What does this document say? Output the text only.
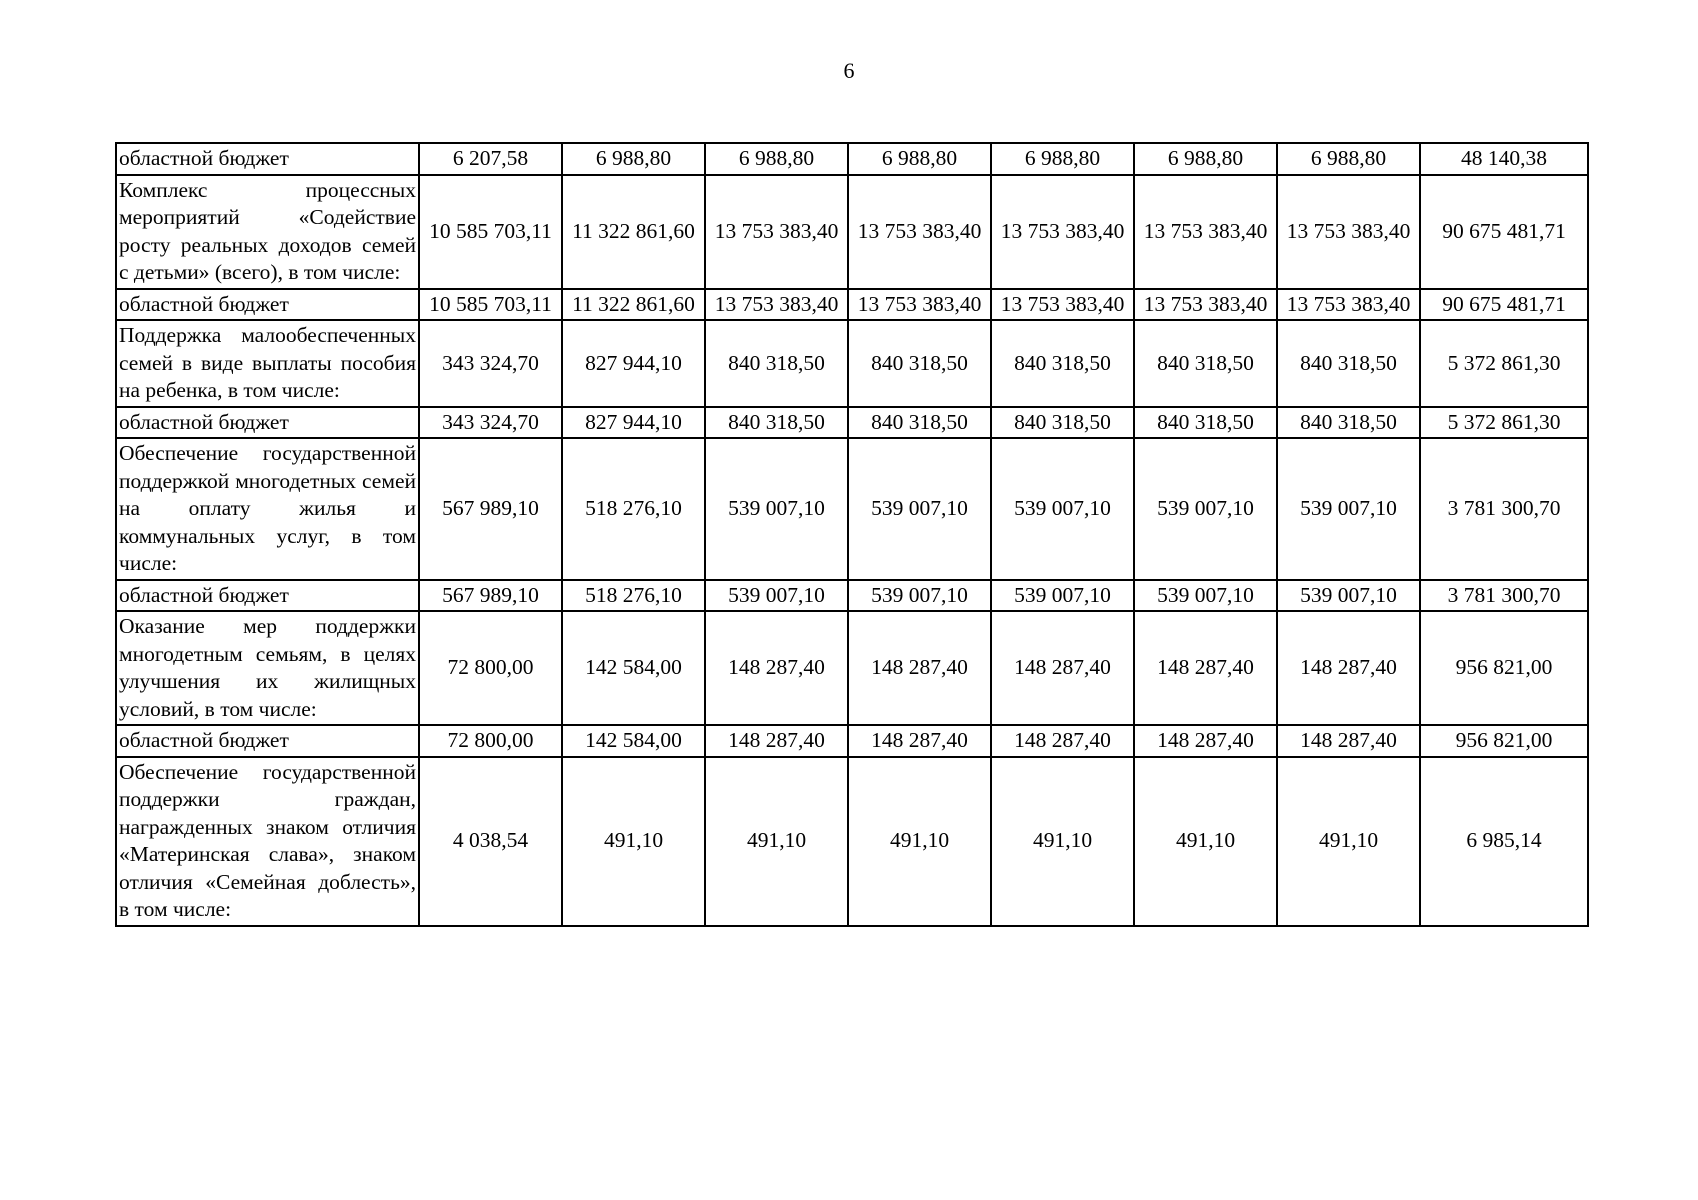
6
областной бюджет	6 207,58	6 988,80	6 988,80	6 988,80	6 988,80	6 988,80	6 988,80	48 140,38

Комплекс процессных мероприятий «Содействие росту реальных доходов семей с детьми» (всего), в том числе:	10 585 703,11	11 322 861,60	13 753 383,40	13 753 383,40	13 753 383,40	13 753 383,40	13 753 383,40	90 675 481,71

областной бюджет	10 585 703,11	11 322 861,60	13 753 383,40	13 753 383,40	13 753 383,40	13 753 383,40	13 753 383,40	90 675 481,71

Поддержка малообеспеченных семей в виде выплаты пособия на ребенка, в том числе:	343 324,70	827 944,10	840 318,50	840 318,50	840 318,50	840 318,50	840 318,50	5 372 861,30

областной бюджет	343 324,70	827 944,10	840 318,50	840 318,50	840 318,50	840 318,50	840 318,50	5 372 861,30

Обеспечение государственной поддержкой многодетных семей на оплату жилья и коммунальных услуг, в том числе:	567 989,10	518 276,10	539 007,10	539 007,10	539 007,10	539 007,10	539 007,10	3 781 300,70

областной бюджет	567 989,10	518 276,10	539 007,10	539 007,10	539 007,10	539 007,10	539 007,10	3 781 300,70

Оказание мер поддержки многодетным семьям, в целях улучшения их жилищных условий, в том числе:	72 800,00	142 584,00	148 287,40	148 287,40	148 287,40	148 287,40	148 287,40	956 821,00

областной бюджет	72 800,00	142 584,00	148 287,40	148 287,40	148 287,40	148 287,40	148 287,40	956 821,00

Обеспечение государственной поддержки граждан, награжденных знаком отличия «Материнская слава», знаком отличия «Семейная доблесть», в том числе:	4 038,54	491,10	491,10	491,10	491,10	491,10	491,10	6 985,14
